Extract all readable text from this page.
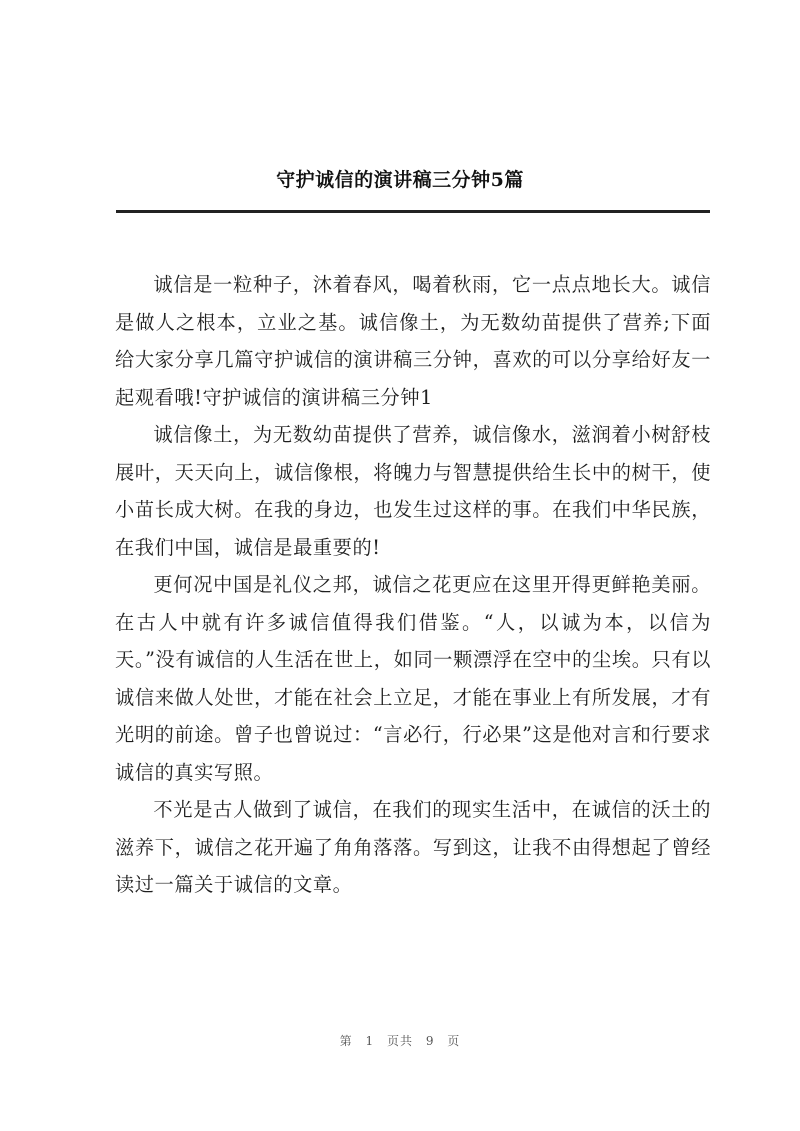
守护诚信的演讲稿三分钟5篇

诚信是一粒种子，沐着春风，喝着秋雨，它一点点地长大。诚信是做人之根本，立业之基。诚信像土，为无数幼苗提供了营养;下面给大家分享几篇守护诚信的演讲稿三分钟，喜欢的可以分享给好友一起观看哦!守护诚信的演讲稿三分钟1

诚信像土，为无数幼苗提供了营养，诚信像水，滋润着小树舒枝展叶，天天向上，诚信像根，将魄力与智慧提供给生长中的树干，使小苗长成大树。在我的身边，也发生过这样的事。在我们中华民族，在我们中国，诚信是最重要的!

更何况中国是礼仪之邦，诚信之花更应在这里开得更鲜艳美丽。在古人中就有许多诚信值得我们借鉴。“人，以诚为本，以信为天。”没有诚信的人生活在世上，如同一颗漂浮在空中的尘埃。只有以诚信来做人处世，才能在社会上立足，才能在事业上有所发展，才有光明的前途。曾子也曾说过：“言必行，行必果”这是他对言和行要求诚信的真实写照。

不光是古人做到了诚信，在我们的现实生活中，在诚信的沃土的滋养下，诚信之花开遍了角角落落。写到这，让我不由得想起了曾经读过一篇关于诚信的文章。

第 1 页共 9 页
